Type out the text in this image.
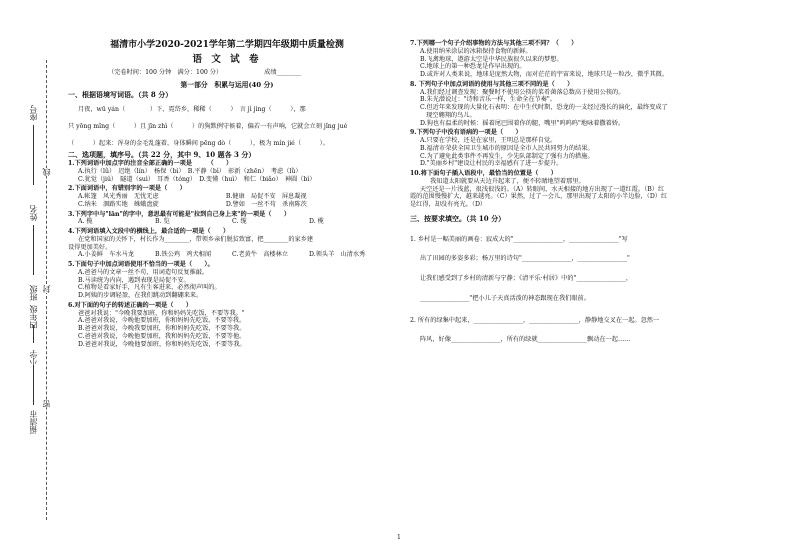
座号
姓名
班级
四年级
小学
福清市
线
封
密
福清市小学2020-2021学年第二学期四年级期中质量检测
语 文 试 卷
（完卷时间：100 分钟　满分：100 分）	成绩________
第一部分　积累与运用(40 分)
一、根据语境写词语。（共 8 分）
月夜，wū yán（　　　　）下，霓岱乡，稀稀（　　　）　言 jì jìng（　　　），那
只 yōng mǐng（　　　）且 jīn zhì（　　　）的狗默例守候着，偏若一有声响，它就会立刻 jǐng jué
（　　　）起来：浑身的金毛乱蓬着，身体瞬间 pēng dò（　　　），极为 mín jié（　　　）。
二、选项题，填序号。（共 22 分，其中 9、10 题各 3 分）
1.下列词语中加点字的注音全部正确的一项是　　　（　　）
A.执行（lǜ）　迟绝（lín）　杨保（bì）　B.平静（bì）　彰新（zhēn）　考虑（lǜ）
C.犹觉（jiǔ）　隧道（suì）　耳香（tóng）　D.变懂（huì）　和仁（biǎo）　神圆（bì）
2.下面词语中，有错别字的一项是（　　）
A.帐篷　风光秀丽　无忧无虑	B.健康　局促不安　屏息凝视
C.纳米　涸路实地　蛛蛾盘旋	D.譬如　一丝不苟　杀南陈茨
3.下列字中与"lān"的字中，意思最有可能是"拉到自己身上来"的一项是（　　）
A. 揽	B. 览	C. 缆	D. 榄
4.下列词语填入文段中的横线上，最合适的一项是（　　）
在党和国家的关怀下，村长作为________，带领乡亲们脱贫致富，把________的家乡建
设得更加美好。
A.小姜鲜　车水马龙	B.铁公鸡　鸡犬相闻	C.老黄牛　高楼林立	D.领头羊　山清水秀
5.下面句子中加点词语使用不恰当的一项是（　　）。
A.爸爸马的文章一丝不苟，用词造句反复推敲。
B.马读统为内向，遇到表现是局促不安。
C.植物是看家好手，凡有生客进来，必然彻声叫的。
D.阿姨的步调轻盈，在我们跳动到翻硼来来。
6.对下面的句子的转述正确的一项是（　　）
爸爸对我说："今晚我要加班，你和妈妈先吃饭，不要等我。"
A.爸爸对我说，今晚他要加班，你和妈妈先吃饭，不要等我。
B.爸爸对我说，今晚我要加班，你和妈妈先吃饭，不要等我。
C.爸爸对我说，今晚他要加班，我和妈妈先吃饭，不要等他。
D.爸爸对我说，今晚他要加班，你和妈妈先吃饭，不要等我。
7.下列哪一个句子介绍事物的方法与其他三项不同？（　　）
A.使用纳米涂层的冰箱保持食物的新鲜。
B.飞禽地球、遨游太空是中华民族很久以来的梦想。
C.地球上的第一种恐龙是作早出现的。
D.或许对人类来说，地球是庞然大物，而对茫茫的宇宙来说，地球只是一粒沙，微乎其微。
8. 下列句子中加点词语的使用与其他三项不同的是（　　）
A.我们经过调查发现：聚餐时不使用公筷的菜肴菌落总数高于使用公筷的。
B.朱光潜说过："诗和音乐一样，生命全在节奏"。
C.但近年来发现的大量化石表明：在中生代时期，恐龙的一支经过漫长的演化，最终变成了
　现空翱翔的鸟儿。
D.狗也有温柔的时候：摇着尾巴围着你的腿，嘴里"呜呜呜"地咏着撒着娇。
9.下列句子中没有语病的一项是（　　）
A.只要在学校，还是在家里，王明总是那样自觉。
B.福清市荣获全国卫生城市的原因是全市人民共同努力的结果。
C.为了避免此类事件不再发生，少先队部制定了强有力的措施。
D."美丽乡村"建设让村民的幸福感有了进一步提升。
10.将下面句子插入语段中，最恰当的位置是（　　）
我知道太阳就要从天边升起来了，便不转睛地望着那里。
天空还是一片浅蓝，很浅很浅的。（A）转眼间，水天相接的地方出现了一道红霞。（B）红
霞的范围慢慢扩大，越来越亮。（C）果然，过了一会儿，那里出现了太阳的小半边脸，（D）红
是红得，却没有亮光。（D）
三、按要求填空。（共 10 分）
1. 乡村是一幅美丽的画卷：寂成大的"________________，________________"写
出了田园的多姿多彩；杨万里的诗句"________________，________________"
让我们感受到了乡村的清新与宁静；《清平乐·村居》中的"________________，
________________"把小儿子天真活泼的神态跟现在我们眼前。
2. 所有的绿集中起来，________________，________________，静静地交叉在一起。忽然一
阵风，好像________________，所有的绿就________________飘动在一起……
1
